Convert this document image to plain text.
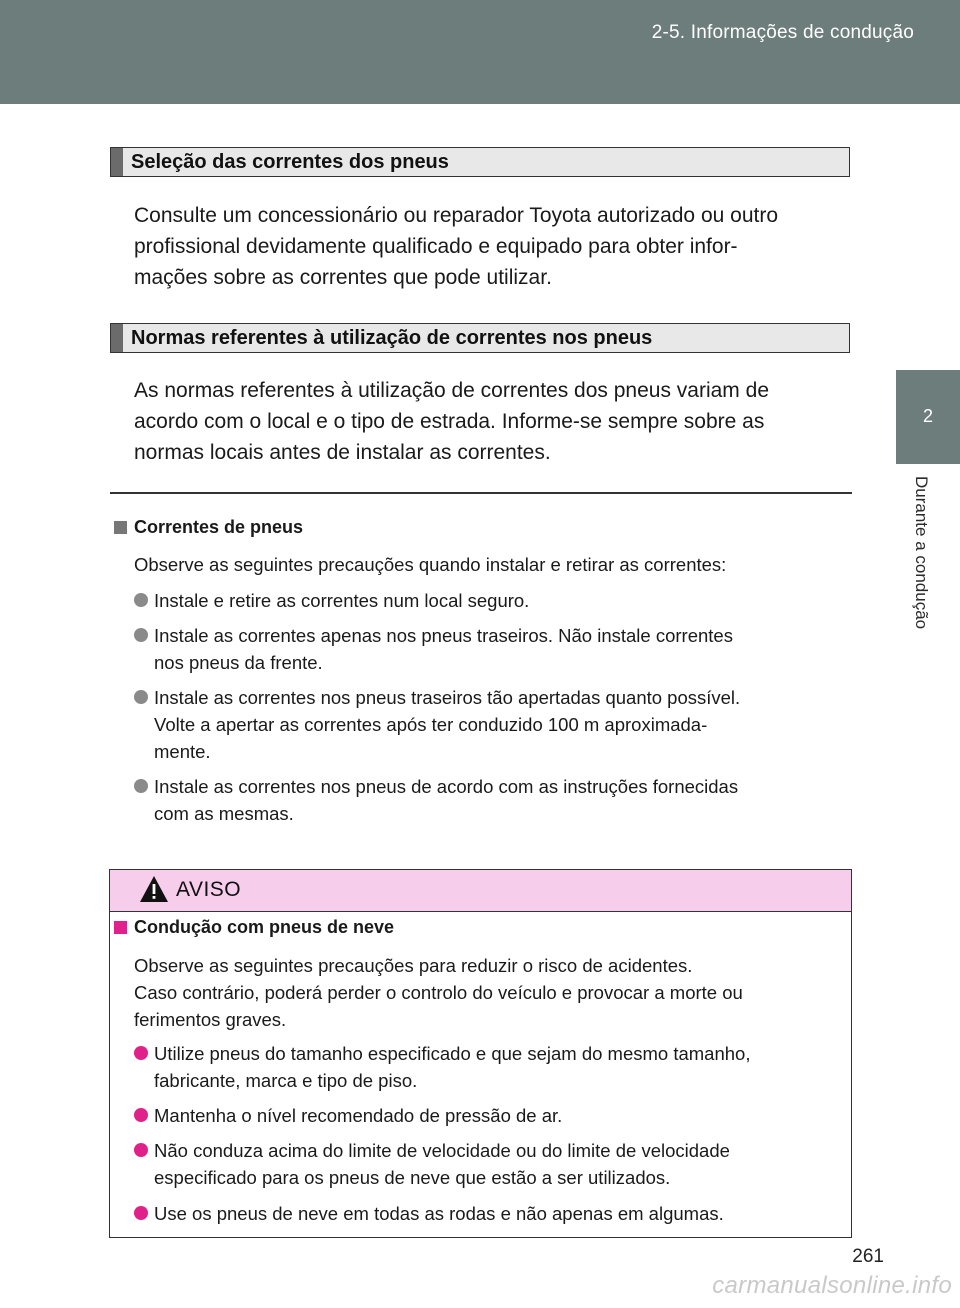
2-5. Informações de condução
2
Durante a condução
Seleção das correntes dos pneus
Consulte um concessionário ou reparador Toyota autorizado ou outro
profissional devidamente qualificado e equipado para obter infor-
mações sobre as correntes que pode utilizar.
Normas referentes à utilização de correntes nos pneus
As normas referentes à utilização de correntes dos pneus variam de
acordo com o local e o tipo de estrada. Informe-se sempre sobre as
normas locais antes de instalar as correntes.
Correntes de pneus
Observe as seguintes precauções quando instalar e retirar as correntes:
Instale e retire as correntes num local seguro.
Instale as correntes apenas nos pneus traseiros. Não instale correntes
nos pneus da frente.
Instale as correntes nos pneus traseiros tão apertadas quanto possível.
Volte a apertar as correntes após ter conduzido 100 m aproximada-
mente.
Instale as correntes nos pneus de acordo com as instruções fornecidas
com as mesmas.
AVISO
Condução com pneus de neve
Observe as seguintes precauções para reduzir o risco de acidentes.
Caso contrário, poderá perder o controlo do veículo e provocar a morte ou
ferimentos graves.
Utilize pneus do tamanho especificado e que sejam do mesmo tamanho,
fabricante, marca e tipo de piso.
Mantenha o nível recomendado de pressão de ar.
Não conduza acima do limite de velocidade ou do limite de velocidade
especificado para os pneus de neve que estão a ser utilizados.
Use os pneus de neve em todas as rodas e não apenas em algumas.
261
carmanualsonline.info
